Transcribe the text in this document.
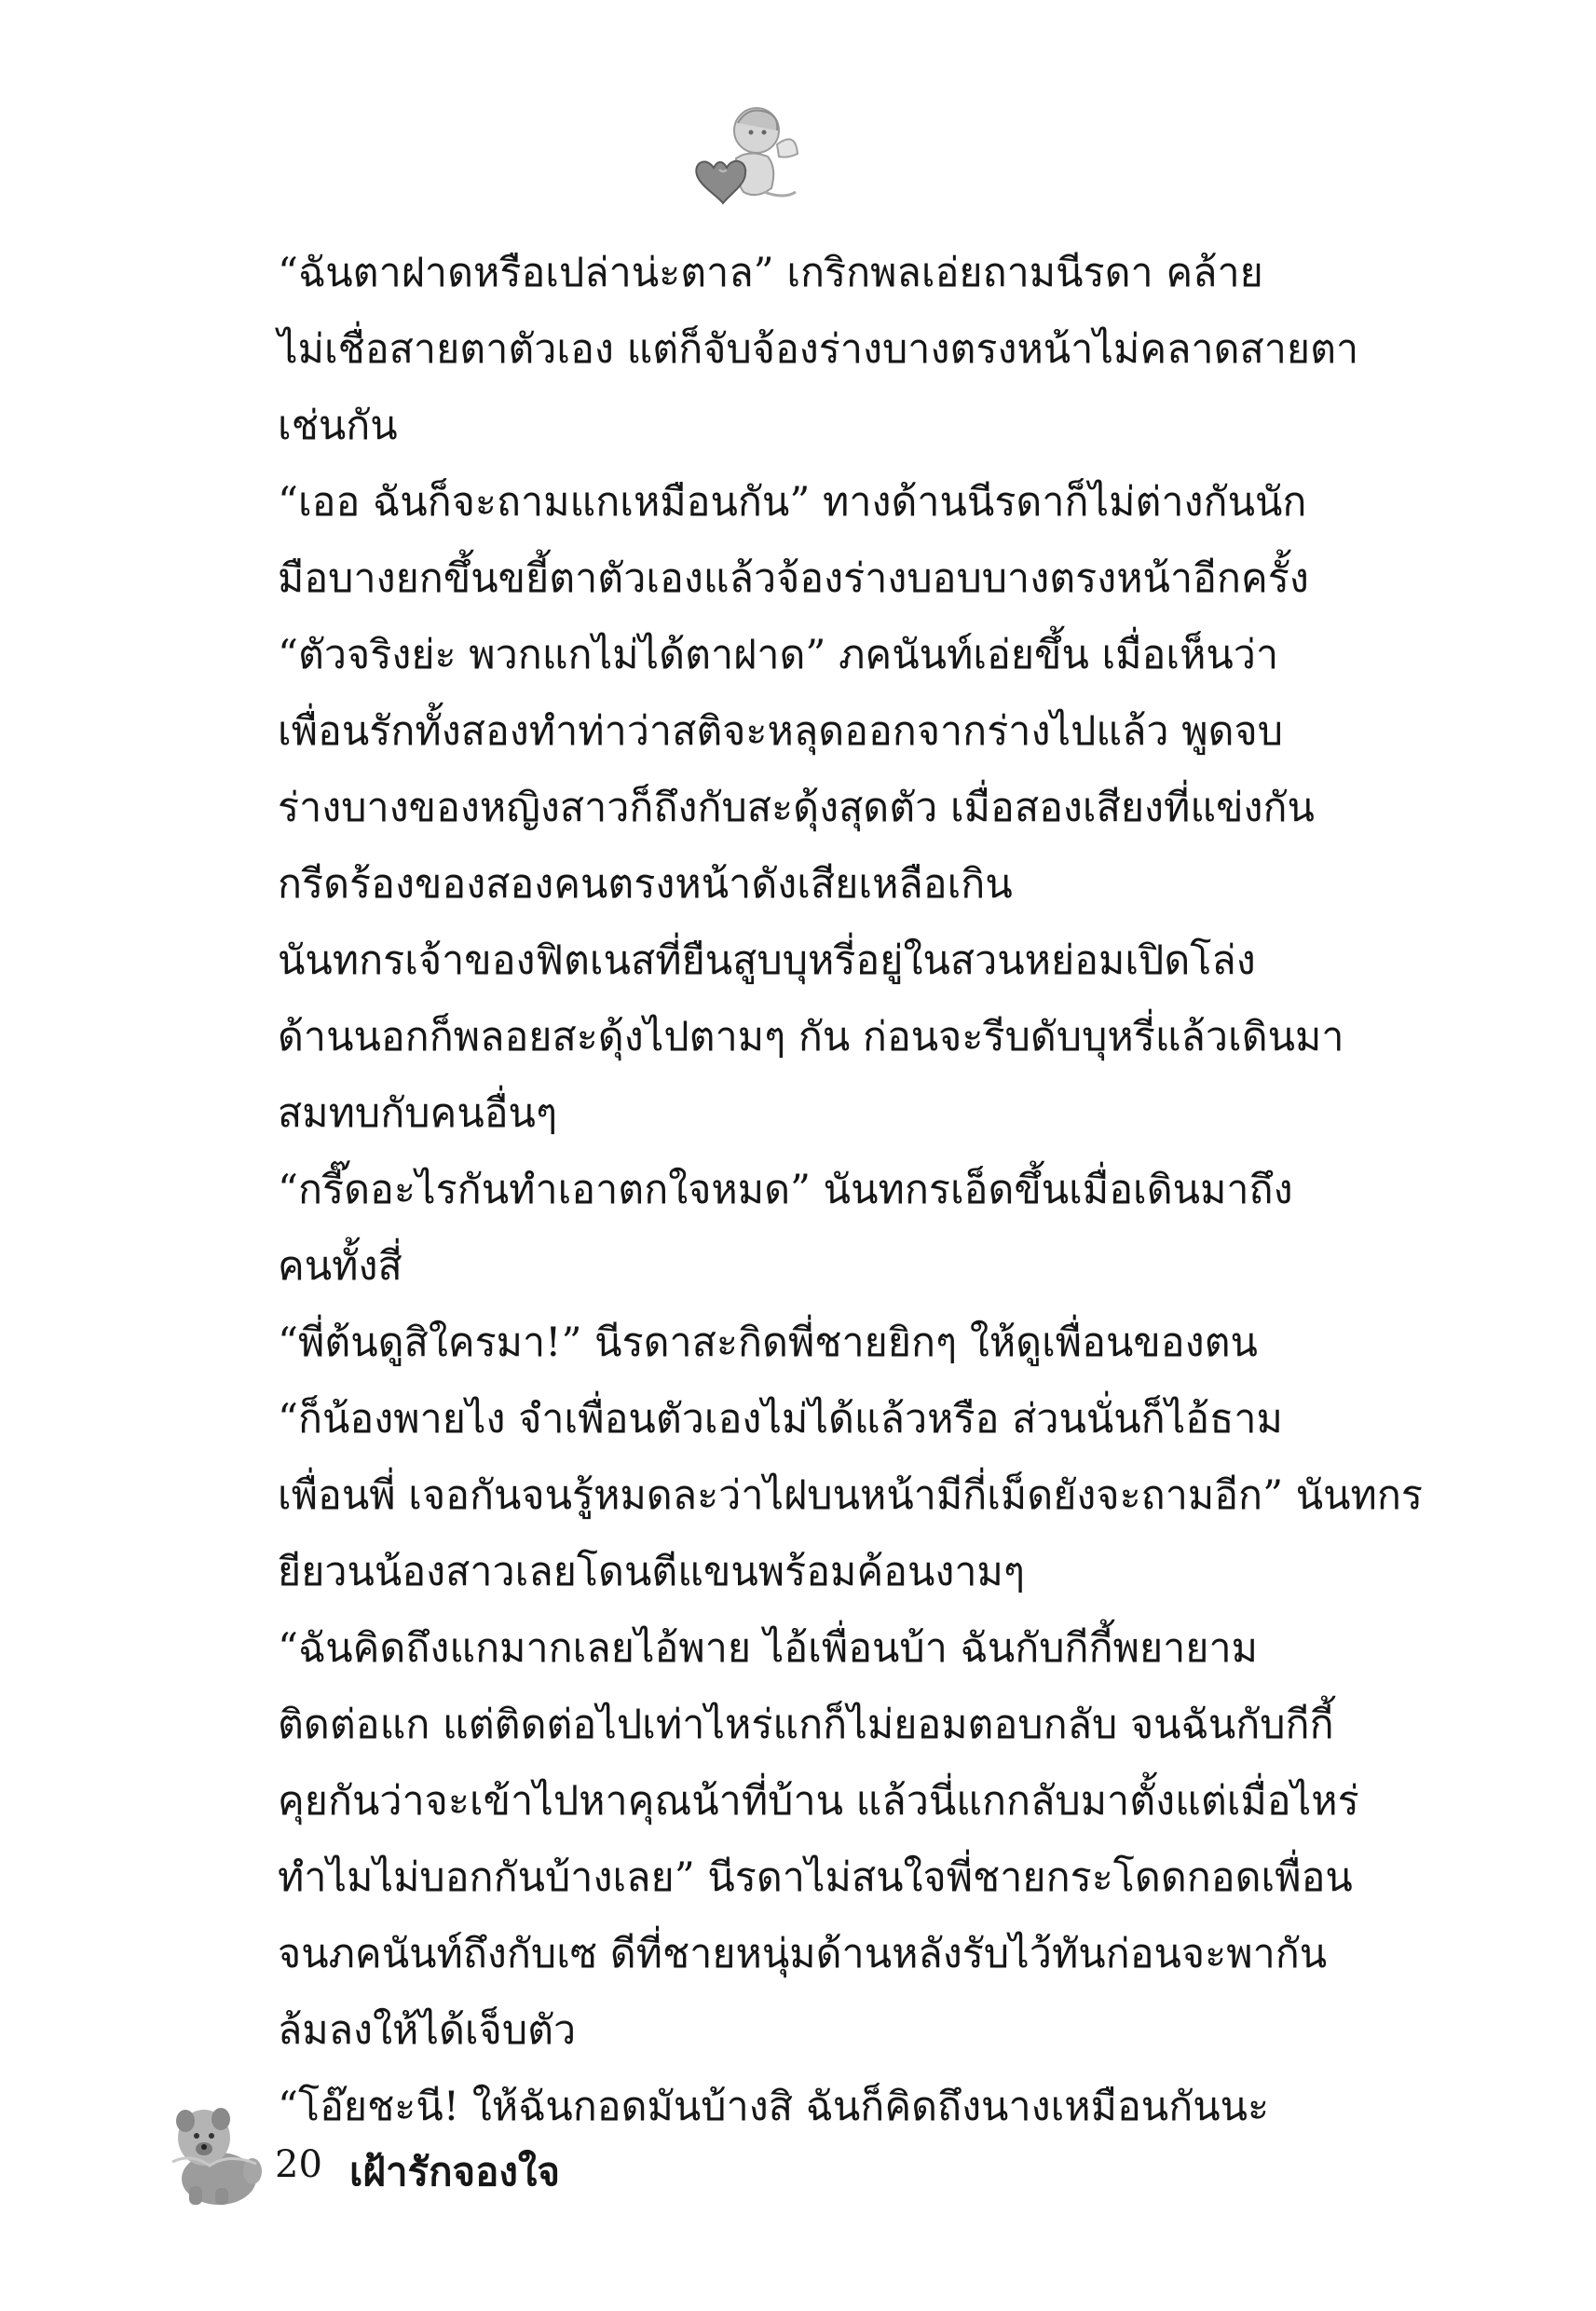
“ฉันตาฝาดหรือเปล่าน่ะตาล” เกริกพลเอ่ยถามนีรดา คล้าย
ไม่เชื่อสายตาตัวเอง แต่ก็จับจ้องร่างบางตรงหน้าไม่คลาดสายตา
เช่นกัน

“เออ ฉันก็จะถามแกเหมือนกัน” ทางด้านนีรดาก็ไม่ต่างกันนัก
มือบางยกขึ้นขยี้ตาตัวเองแล้วจ้องร่างบอบบางตรงหน้าอีกครั้ง

“ตัวจริงย่ะ พวกแกไม่ได้ตาฝาด” ภคนันท์เอ่ยขึ้น เมื่อเห็นว่า
เพื่อนรักทั้งสองทำท่าว่าสติจะหลุดออกจากร่างไปแล้ว พูดจบ
ร่างบางของหญิงสาวก็ถึงกับสะดุ้งสุดตัว เมื่อสองเสียงที่แข่งกัน
กรีดร้องของสองคนตรงหน้าดังเสียเหลือเกิน

นันทกรเจ้าของฟิตเนสที่ยืนสูบบุหรี่อยู่ในสวนหย่อมเปิดโล่ง
ด้านนอกก็พลอยสะดุ้งไปตามๆ กัน ก่อนจะรีบดับบุหรี่แล้วเดินมา
สมทบกับคนอื่นๆ

“กรี๊ดอะไรกันทำเอาตกใจหมด” นันทกรเอ็ดขึ้นเมื่อเดินมาถึง
คนทั้งสี่

“พี่ต้นดูสิใครมา!” นีรดาสะกิดพี่ชายยิกๆ ให้ดูเพื่อนของตน

“ก็น้องพายไง จำเพื่อนตัวเองไม่ได้แล้วหรือ ส่วนนั่นก็ไอ้ธาม
เพื่อนพี่ เจอกันจนรู้หมดละว่าไฝบนหน้ามีกี่เม็ดยังจะถามอีก” นันทกร
ยียวนน้องสาวเลยโดนตีแขนพร้อมค้อนงามๆ

“ฉันคิดถึงแกมากเลยไอ้พาย ไอ้เพื่อนบ้า ฉันกับกีกี้พยายาม
ติดต่อแก แต่ติดต่อไปเท่าไหร่แกก็ไม่ยอมตอบกลับ จนฉันกับกีกี้
คุยกันว่าจะเข้าไปหาคุณน้าที่บ้าน แล้วนี่แกกลับมาตั้งแต่เมื่อไหร่
ทำไมไม่บอกกันบ้างเลย” นีรดาไม่สนใจพี่ชายกระโดดกอดเพื่อน
จนภคนันท์ถึงกับเซ ดีที่ชายหนุ่มด้านหลังรับไว้ทันก่อนจะพากัน
ล้มลงให้ได้เจ็บตัว

“โอ๊ยชะนี! ให้ฉันกอดมันบ้างสิ ฉันก็คิดถึงนางเหมือนกันนะ

20 เฝ้ารักจองใจ
